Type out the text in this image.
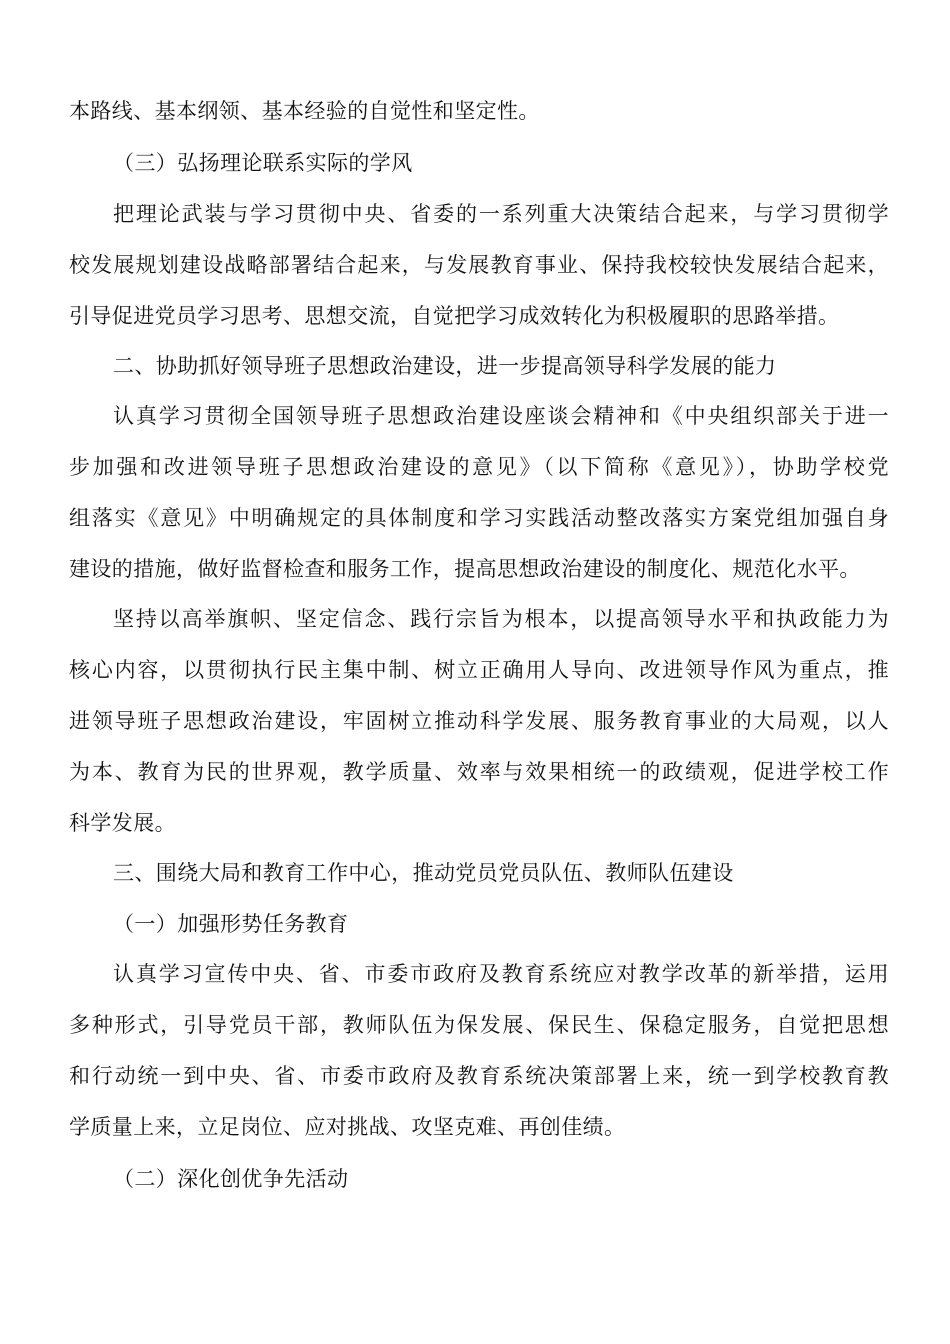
本路线、基本纲领、基本经验的自觉性和坚定性。
（三）弘扬理论联系实际的学风
把理论武装与学习贯彻中央、省委的一系列重大决策结合起来，与学习贯彻学
校发展规划建设战略部署结合起来，与发展教育事业、保持我校较快发展结合起来，
引导促进党员学习思考、思想交流，自觉把学习成效转化为积极履职的思路举措。
二、协助抓好领导班子思想政治建设，进一步提高领导科学发展的能力
认真学习贯彻全国领导班子思想政治建设座谈会精神和《中央组织部关于进一
步加强和改进领导班子思想政治建设的意见》（以下简称《意见》），协助学校党
组落实《意见》中明确规定的具体制度和学习实践活动整改落实方案党组加强自身
建设的措施，做好监督检查和服务工作，提高思想政治建设的制度化、规范化水平。
坚持以高举旗帜、坚定信念、践行宗旨为根本，以提高领导水平和执政能力为
核心内容，以贯彻执行民主集中制、树立正确用人导向、改进领导作风为重点，推
进领导班子思想政治建设，牢固树立推动科学发展、服务教育事业的大局观，以人
为本、教育为民的世界观，教学质量、效率与效果相统一的政绩观，促进学校工作
科学发展。
三、围绕大局和教育工作中心，推动党员党员队伍、教师队伍建设
（一）加强形势任务教育
认真学习宣传中央、省、市委市政府及教育系统应对教学改革的新举措，运用
多种形式，引导党员干部，教师队伍为保发展、保民生、保稳定服务，自觉把思想
和行动统一到中央、省、市委市政府及教育系统决策部署上来，统一到学校教育教
学质量上来，立足岗位、应对挑战、攻坚克难、再创佳绩。
（二）深化创优争先活动
